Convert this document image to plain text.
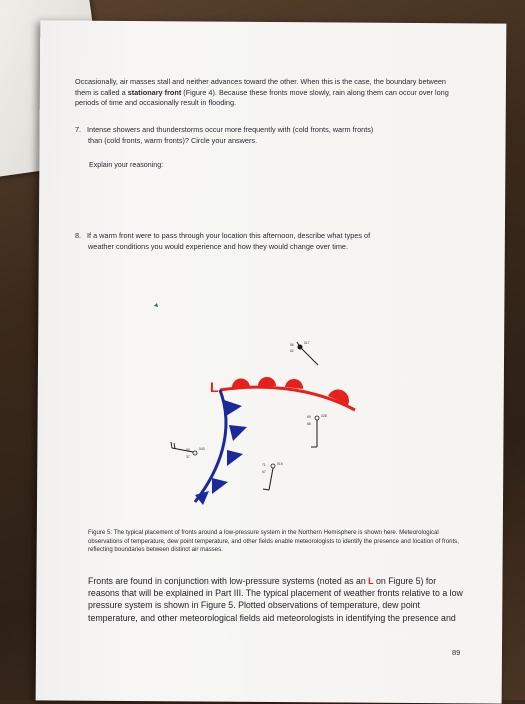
Occasionally, air masses stall and neither advances toward the other. When this is the case, the boundary between them is called a stationary front (Figure 4). Because these fronts move slowly, rain along them can occur over long periods of time and occasionally result in flooding.
7. Intense showers and thunderstorms occur more frequently with (cold fronts, warm fronts)
than (cold fronts, warm fronts)? Circle your answers.
Explain your reasoning:
8. If a warm front were to pass through your location this afternoon, describe what types of
weather conditions you would experience and how they would change over time.
L
56
52
017
69
66
028
50
37
043
71
67
015
Figure 5: The typical placement of fronts around a low-pressure system in the Northern Hemisphere is shown here. Meteorological observations of temperature, dew point temperature, and other fields enable meteorologists to identify the presence and location of fronts, reflecting boundaries between distinct air masses.
Fronts are found in conjunction with low-pressure systems (noted as an L on Figure 5) for reasons that will be explained in Part III. The typical placement of weather fronts relative to a low pressure system is shown in Figure 5. Plotted observations of temperature, dew point temperature, and other meteorological fields aid meteorologists in identifying the presence and
89
